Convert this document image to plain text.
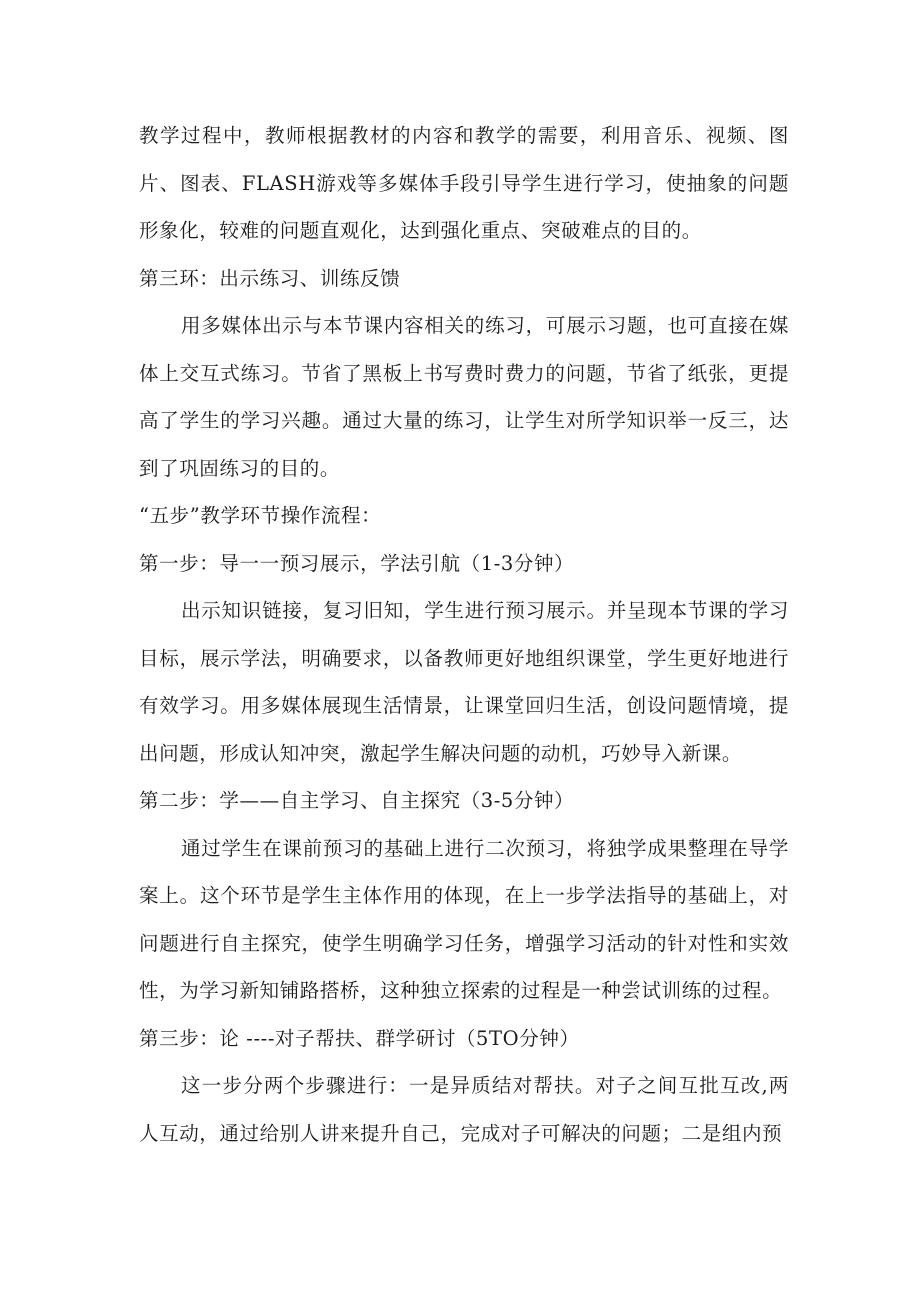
教学过程中，教师根据教材的内容和教学的需要，利用音乐、视频、图片、图表、FLASH游戏等多媒体手段引导学生进行学习，使抽象的问题形象化，较难的问题直观化，达到强化重点、突破难点的目的。

第三环：出示练习、训练反馈

用多媒体出示与本节课内容相关的练习，可展示习题，也可直接在媒体上交互式练习。节省了黑板上书写费时费力的问题，节省了纸张，更提高了学生的学习兴趣。通过大量的练习，让学生对所学知识举一反三，达到了巩固练习的目的。

“五步”教学环节操作流程：

第一步：导一一预习展示，学法引航（1-3分钟）

出示知识链接，复习旧知，学生进行预习展示。并呈现本节课的学习目标，展示学法，明确要求，以备教师更好地组织课堂，学生更好地进行有效学习。用多媒体展现生活情景，让课堂回归生活，创设问题情境，提出问题，形成认知冲突，激起学生解决问题的动机，巧妙导入新课。

第二步：学——自主学习、自主探究（3-5分钟）

通过学生在课前预习的基础上进行二次预习，将独学成果整理在导学案上。这个环节是学生主体作用的体现，在上一步学法指导的基础上，对问题进行自主探究，使学生明确学习任务，增强学习活动的针对性和实效性，为学习新知铺路搭桥，这种独立探索的过程是一种尝试训练的过程。

第三步：论 ----对子帮扶、群学研讨（5TO分钟）

这一步分两个步骤进行：一是异质结对帮扶。对子之间互批互改,两人互动，通过给别人讲来提升自己，完成对子可解决的问题；二是组内预
